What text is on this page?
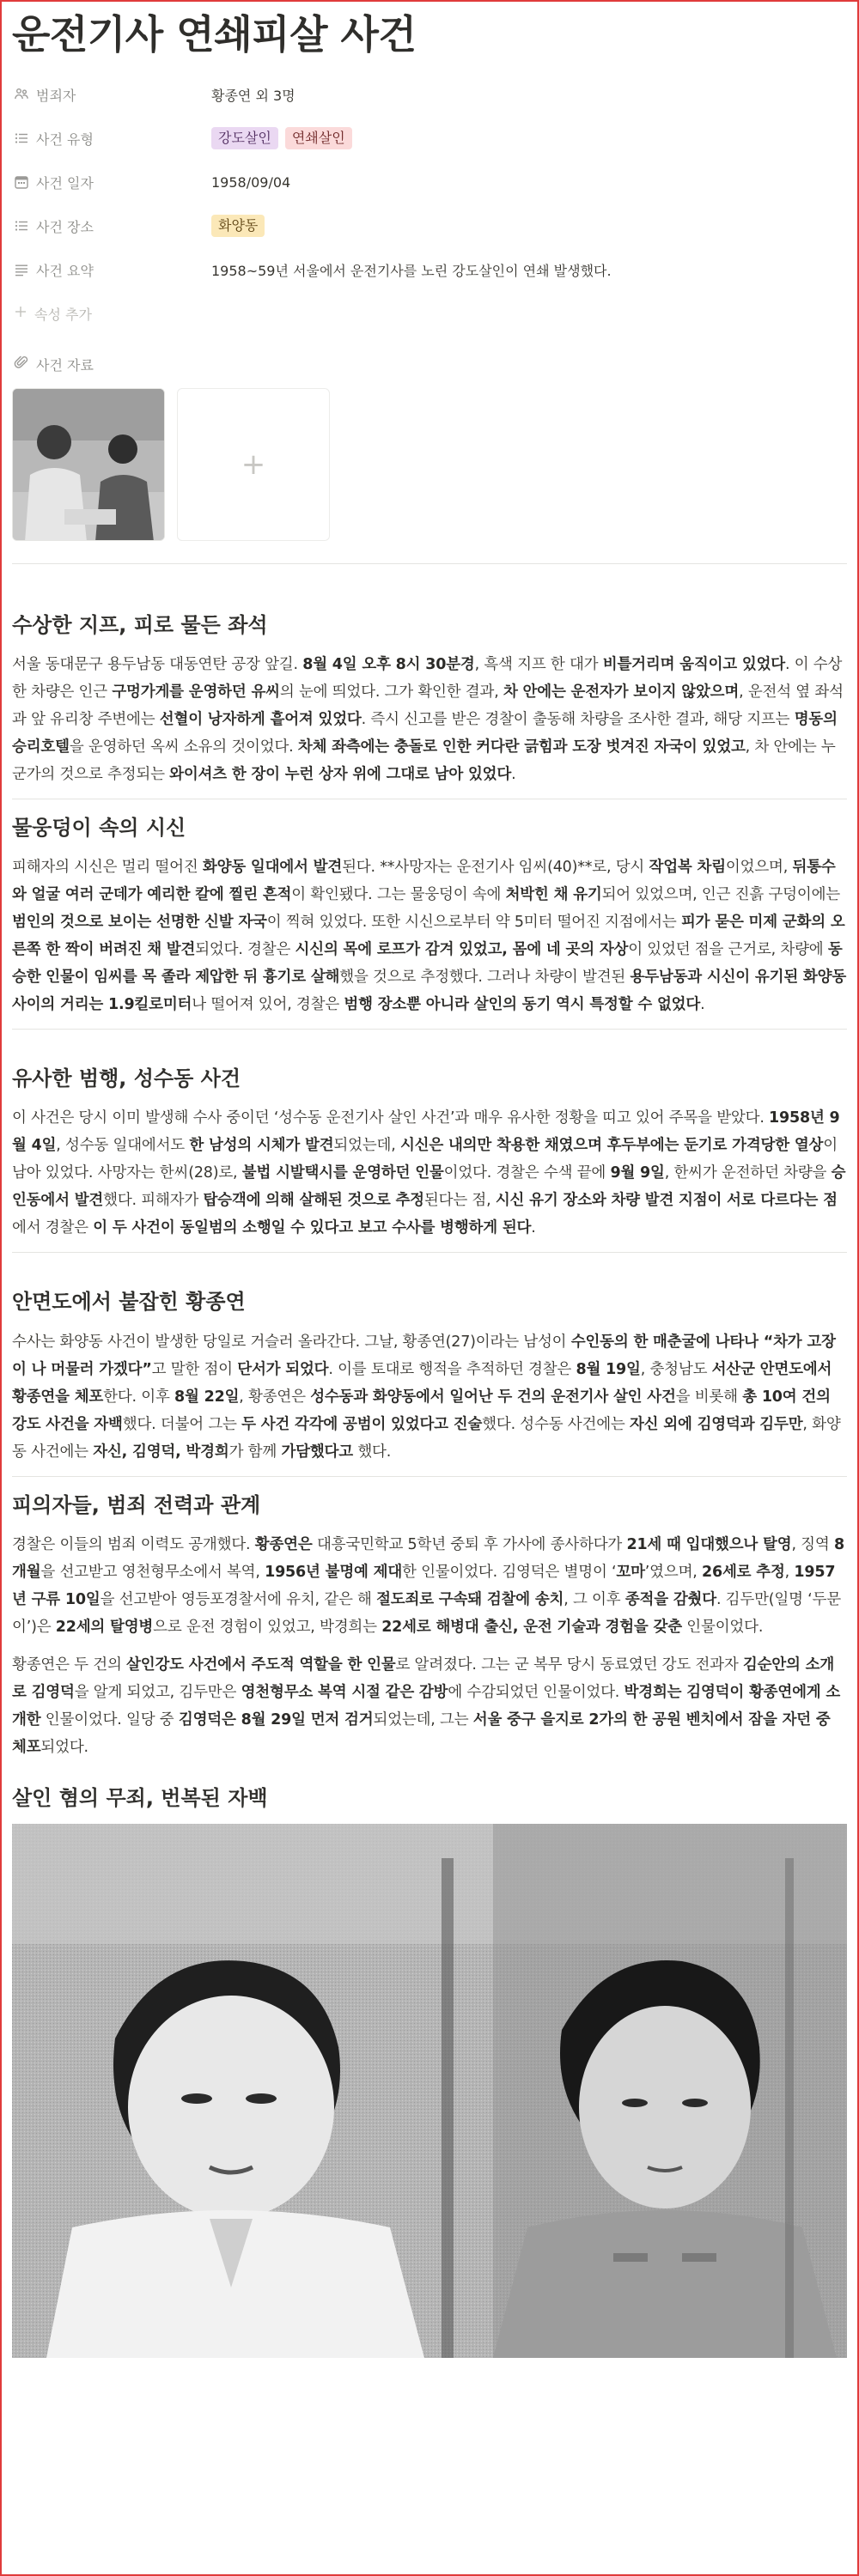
운전기사 연쇄피살 사건
범죄자	황종연 외 3명
사건 유형	강도살인	연쇄살인
사건 일자	1958/09/04
사건 장소	화양동
사건 요약	1958~59년 서울에서 운전기사를 노린 강도살인이 연쇄 발생했다.
속성 추가
사건 자료
+
수상한 지프, 피로 물든 좌석

서울 동대문구 용두남동 대동연탄 공장 앞길. 8월 4일 오후 8시 30분경, 흑색 지프 한 대가 비틀거리며 움직이고 있었다. 이 수상한 차량은 인근 구멍가게를 운영하던 유씨의 눈에 띄었다. 그가 확인한 결과, 차 안에는 운전자가 보이지 않았으며, 운전석 옆 좌석과 앞 유리창 주변에는 선혈이 낭자하게 흩어져 있었다. 즉시 신고를 받은 경찰이 출동해 차량을 조사한 결과, 해당 지프는 명동의 승리호텔을 운영하던 옥씨 소유의 것이었다. 차체 좌측에는 충돌로 인한 커다란 긁힘과 도장 벗겨진 자국이 있었고, 차 안에는 누군가의 것으로 추정되는 와이셔츠 한 장이 누런 상자 위에 그대로 남아 있었다.

물웅덩이 속의 시신

피해자의 시신은 멀리 떨어진 화양동 일대에서 발견된다. **사망자는 운전기사 임씨(40)**로, 당시 작업복 차림이었으며, 뒤통수와 얼굴 여러 군데가 예리한 칼에 찔린 흔적이 확인됐다. 그는 물웅덩이 속에 처박힌 채 유기되어 있었으며, 인근 진흙 구덩이에는 범인의 것으로 보이는 선명한 신발 자국이 찍혀 있었다. 또한 시신으로부터 약 5미터 떨어진 지점에서는 피가 묻은 미제 군화의 오른쪽 한 짝이 버려진 채 발견되었다. 경찰은 시신의 목에 로프가 감겨 있었고, 몸에 네 곳의 자상이 있었던 점을 근거로, 차량에 동승한 인물이 임씨를 목 졸라 제압한 뒤 흉기로 살해했을 것으로 추정했다. 그러나 차량이 발견된 용두남동과 시신이 유기된 화양동 사이의 거리는 1.9킬로미터나 떨어져 있어, 경찰은 범행 장소뿐 아니라 살인의 동기 역시 특정할 수 없었다.

유사한 범행, 성수동 사건

이 사건은 당시 이미 발생해 수사 중이던 ‘성수동 운전기사 살인 사건’과 매우 유사한 정황을 띠고 있어 주목을 받았다. 1958년 9월 4일, 성수동 일대에서도 한 남성의 시체가 발견되었는데, 시신은 내의만 착용한 채였으며 후두부에는 둔기로 가격당한 열상이 남아 있었다. 사망자는 한씨(28)로, 불법 시발택시를 운영하던 인물이었다. 경찰은 수색 끝에 9월 9일, 한씨가 운전하던 차량을 승인동에서 발견했다. 피해자가 탑승객에 의해 살해된 것으로 추정된다는 점, 시신 유기 장소와 차량 발견 지점이 서로 다르다는 점에서 경찰은 이 두 사건이 동일범의 소행일 수 있다고 보고 수사를 병행하게 된다.

안면도에서 붙잡힌 황종연

수사는 화양동 사건이 발생한 당일로 거슬러 올라간다. 그날, 황종연(27)이라는 남성이 수인동의 한 매춘굴에 나타나 “차가 고장이 나 머물러 가겠다”고 말한 점이 단서가 되었다. 이를 토대로 행적을 추적하던 경찰은 8월 19일, 충청남도 서산군 안면도에서 황종연을 체포한다. 이후 8월 22일, 황종연은 성수동과 화양동에서 일어난 두 건의 운전기사 살인 사건을 비롯해 총 10여 건의 강도 사건을 자백했다. 더불어 그는 두 사건 각각에 공범이 있었다고 진술했다. 성수동 사건에는 자신 외에 김영덕과 김두만, 화양동 사건에는 자신, 김영덕, 박경희가 함께 가담했다고 했다.

피의자들, 범죄 전력과 관계

경찰은 이들의 범죄 이력도 공개했다. 황종연은 대흥국민학교 5학년 중퇴 후 가사에 종사하다가 21세 때 입대했으나 탈영, 징역 8개월을 선고받고 영천형무소에서 복역, 1956년 불명예 제대한 인물이었다. 김영덕은 별명이 ‘꼬마’였으며, 26세로 추정, 1957년 구류 10일을 선고받아 영등포경찰서에 유치, 같은 해 절도죄로 구속돼 검찰에 송치, 그 이후 종적을 감췄다. 김두만(일명 ‘두문이’)은 22세의 탈영병으로 운전 경험이 있었고, 박경희는 22세로 해병대 출신, 운전 기술과 경험을 갖춘 인물이었다.

황종연은 두 건의 살인강도 사건에서 주도적 역할을 한 인물로 알려졌다. 그는 군 복무 당시 동료였던 강도 전과자 김순안의 소개로 김영덕을 알게 되었고, 김두만은 영천형무소 복역 시절 같은 감방에 수감되었던 인물이었다. 박경희는 김영덕이 황종연에게 소개한 인물이었다. 일당 중 김영덕은 8월 29일 먼저 검거되었는데, 그는 서울 중구 을지로 2가의 한 공원 벤치에서 잠을 자던 중 체포되었다.

살인 혐의 무죄, 번복된 자백
